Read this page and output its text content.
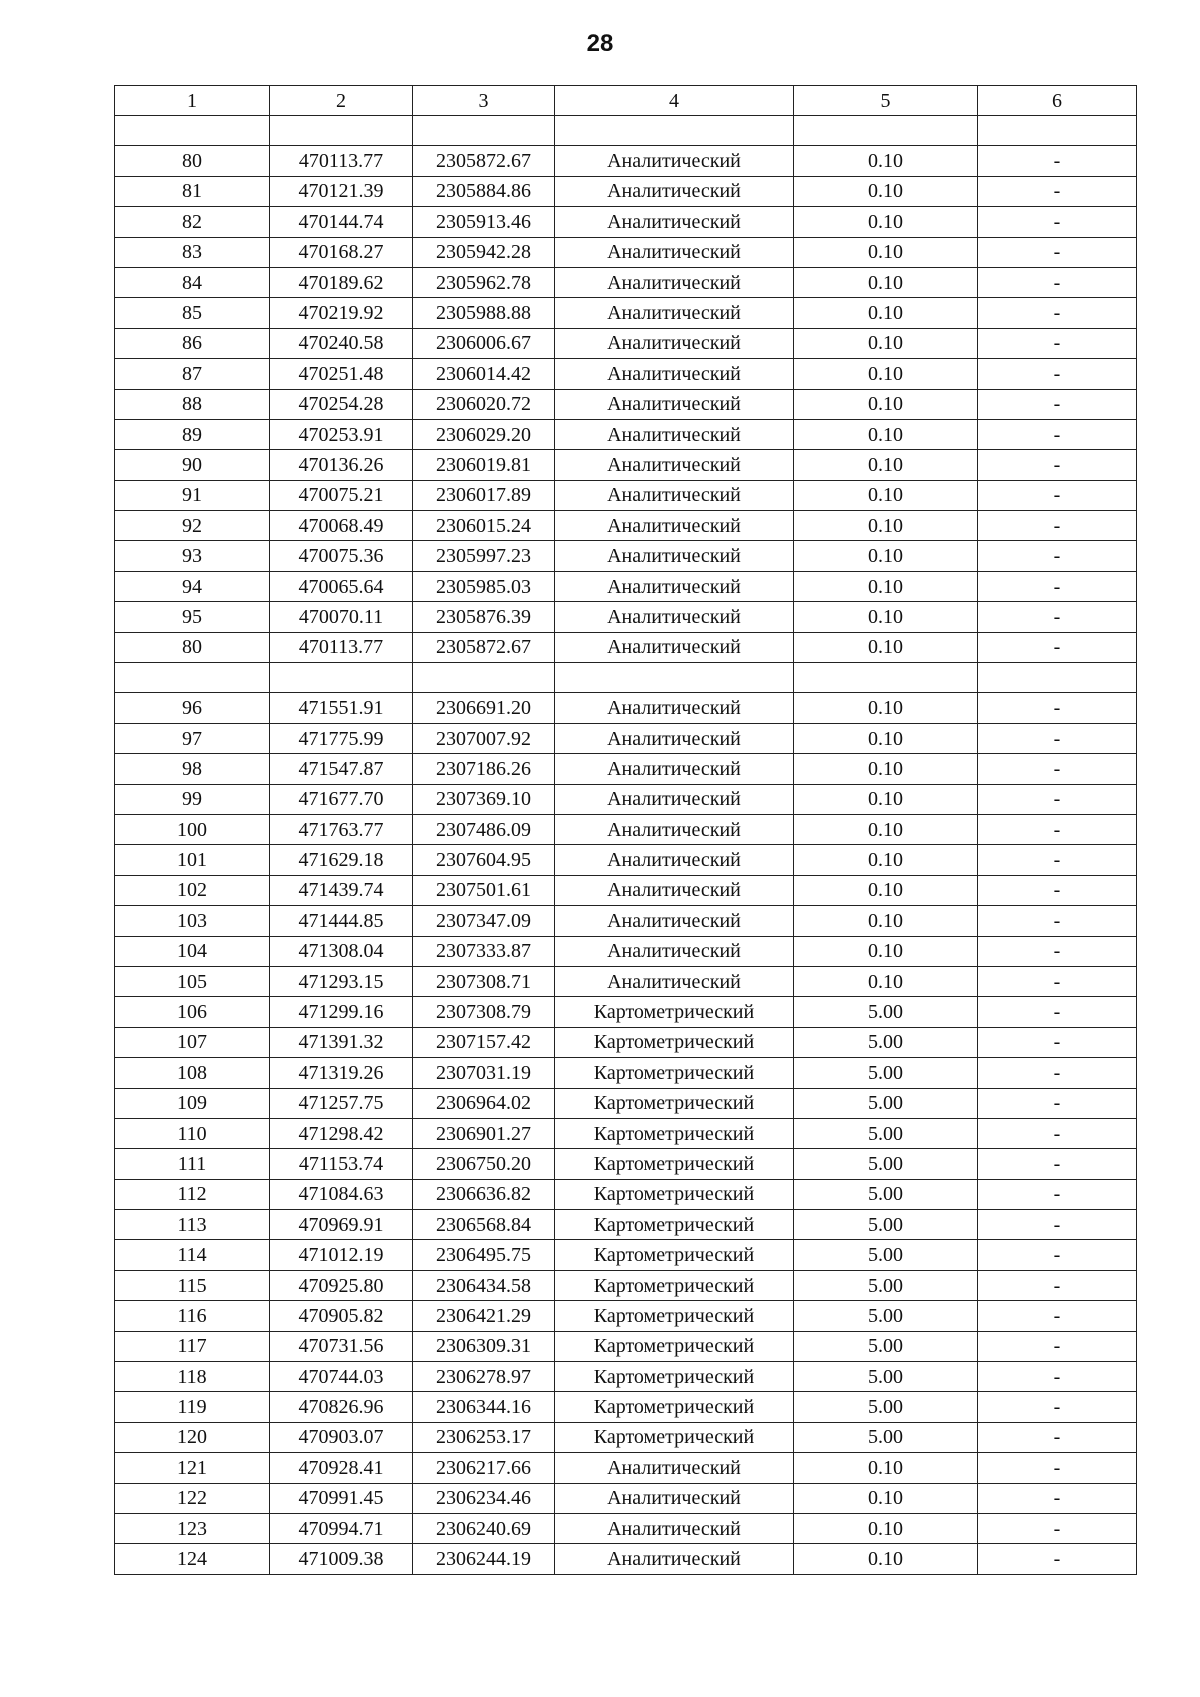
28
1	2	3	4	5	6

80	470113.77	2305872.67	Аналитический	0.10	-
81	470121.39	2305884.86	Аналитический	0.10	-
82	470144.74	2305913.46	Аналитический	0.10	-
83	470168.27	2305942.28	Аналитический	0.10	-
84	470189.62	2305962.78	Аналитический	0.10	-
85	470219.92	2305988.88	Аналитический	0.10	-
86	470240.58	2306006.67	Аналитический	0.10	-
87	470251.48	2306014.42	Аналитический	0.10	-
88	470254.28	2306020.72	Аналитический	0.10	-
89	470253.91	2306029.20	Аналитический	0.10	-
90	470136.26	2306019.81	Аналитический	0.10	-
91	470075.21	2306017.89	Аналитический	0.10	-
92	470068.49	2306015.24	Аналитический	0.10	-
93	470075.36	2305997.23	Аналитический	0.10	-
94	470065.64	2305985.03	Аналитический	0.10	-
95	470070.11	2305876.39	Аналитический	0.10	-
80	470113.77	2305872.67	Аналитический	0.10	-

96	471551.91	2306691.20	Аналитический	0.10	-
97	471775.99	2307007.92	Аналитический	0.10	-
98	471547.87	2307186.26	Аналитический	0.10	-
99	471677.70	2307369.10	Аналитический	0.10	-
100	471763.77	2307486.09	Аналитический	0.10	-
101	471629.18	2307604.95	Аналитический	0.10	-
102	471439.74	2307501.61	Аналитический	0.10	-
103	471444.85	2307347.09	Аналитический	0.10	-
104	471308.04	2307333.87	Аналитический	0.10	-
105	471293.15	2307308.71	Аналитический	0.10	-
106	471299.16	2307308.79	Картометрический	5.00	-
107	471391.32	2307157.42	Картометрический	5.00	-
108	471319.26	2307031.19	Картометрический	5.00	-
109	471257.75	2306964.02	Картометрический	5.00	-
110	471298.42	2306901.27	Картометрический	5.00	-
111	471153.74	2306750.20	Картометрический	5.00	-
112	471084.63	2306636.82	Картометрический	5.00	-
113	470969.91	2306568.84	Картометрический	5.00	-
114	471012.19	2306495.75	Картометрический	5.00	-
115	470925.80	2306434.58	Картометрический	5.00	-
116	470905.82	2306421.29	Картометрический	5.00	-
117	470731.56	2306309.31	Картометрический	5.00	-
118	470744.03	2306278.97	Картометрический	5.00	-
119	470826.96	2306344.16	Картометрический	5.00	-
120	470903.07	2306253.17	Картометрический	5.00	-
121	470928.41	2306217.66	Аналитический	0.10	-
122	470991.45	2306234.46	Аналитический	0.10	-
123	470994.71	2306240.69	Аналитический	0.10	-
124	471009.38	2306244.19	Аналитический	0.10	-
